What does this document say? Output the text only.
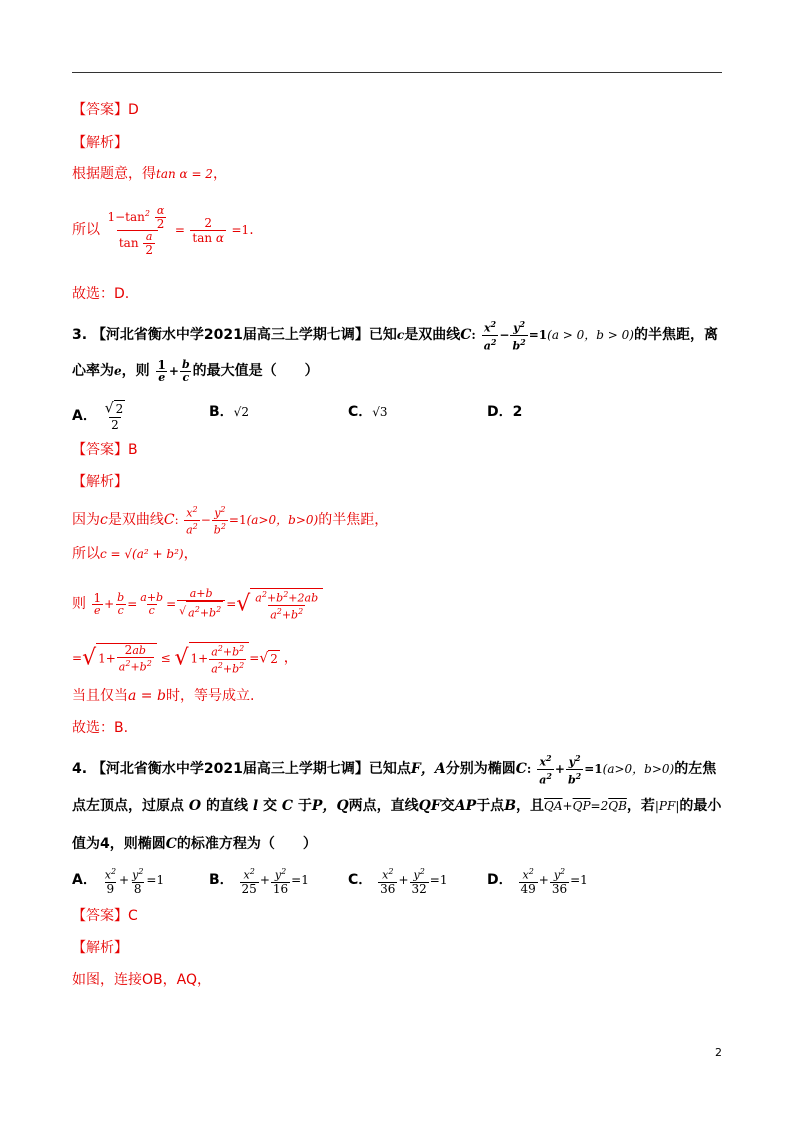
【答案】D
【解析】
根据题意，得tan α = 2，
所以 $\frac{1-\tan^2 \frac{\alpha}{2}}{\tan \frac{a}{2}} = \frac{2}{\text{tan α}} =1$.
故选：D.
3. 【河北省衡水中学2021届高三上学期七调】已知c是双曲线C: $\frac{x^2}{a^2} - \frac{y^2}{b^2} =1(a > 0$，b > 0)的半焦距，离
心率为e，则 $\frac{1}{e} + \frac{b}{c}$ 的最大值是（　　）
A． $\frac{√ 2}{2}$	B．√2	C．√3	D．2
【答案】B
【解析】
因为c是双曲线C: $\frac{x^2}{a^2} - \frac{y^2}{b^2} =1(a>0$，b>0)的半焦距，
所以c = √(a² + b²)，
则 $\frac{1}{e} + \frac{b}{c} = \frac{a+b}{c} = \frac{a+b}{√ a^2+b^2}$ =√ $\frac{a^2+b^2+2ab}{a^2+b^2}$
=√ $1+ \frac{2ab}{a^2+b^2}$ ≤ √ $1+ \frac{a^2+b^2}{a^2+b^2}$ =√ 2 ，
当且仅当a = b时，等号成立.
故选：B.
4. 【河北省衡水中学2021届高三上学期七调】已知点F，A分别为椭圆C: $\frac{x^2}{a^2} + \frac{y^2}{b^2} =1(a>0$，b>0)的左焦
点左顶点，过原点 O 的直线 l 交 C 于P，Q两点，直线QF交AP于点B，且$\overline{QA}+\overline{QP}=2\overline{QB}$，若|PF|的最小
值为4，则椭圆C的标准方程为（　　）
A． $\frac{x^2}{9} + \frac{y^2}{8} =1$	B． $\frac{x^2}{25} + \frac{y^2}{16} =1$	C． $\frac{x^2}{36} + \frac{y^2}{32} =1$	D． $\frac{x^2}{49} + \frac{y^2}{36} =1$
【答案】C
【解析】
如图，连接OB，AQ，
2
